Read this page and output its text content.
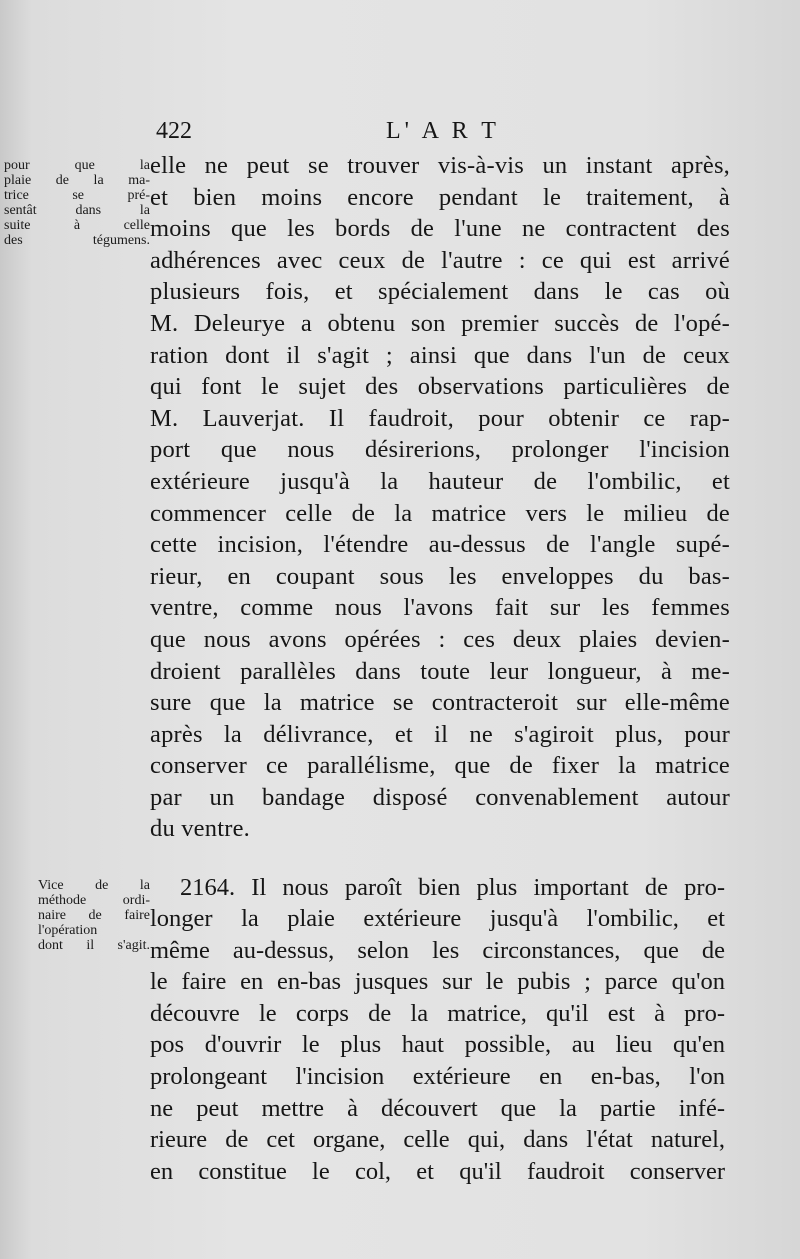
422	L' A R T
pour que la
plaie de la ma-
trice se pré-
sentât dans la
suite à celle
des tégumens.
elle ne peut se trouver vis-à-vis un instant après,
et bien moins encore pendant le traitement, à
moins que les bords de l'une ne contractent des
adhérences avec ceux de l'autre : ce qui est arrivé
plusieurs fois, et spécialement dans le cas où
M. Deleurye a obtenu son premier succès de l'opé-
ration dont il s'agit ; ainsi que dans l'un de ceux
qui font le sujet des observations particulières de
M. Lauverjat. Il faudroit, pour obtenir ce rap-
port que nous désirerions, prolonger l'incision
extérieure jusqu'à la hauteur de l'ombilic, et
commencer celle de la matrice vers le milieu de
cette incision, l'étendre au-dessus de l'angle supé-
rieur, en coupant sous les enveloppes du bas-
ventre, comme nous l'avons fait sur les femmes
que nous avons opérées : ces deux plaies devien-
droient parallèles dans toute leur longueur, à me-
sure que la matrice se contracteroit sur elle-même
après la délivrance, et il ne s'agiroit plus, pour
conserver ce parallélisme, que de fixer la matrice
par un bandage disposé convenablement autour
du ventre.
Vice de la
méthode ordi-
naire de faire
l'opération
dont il s'agit.
2164. Il nous paroît bien plus important de pro-
longer la plaie extérieure jusqu'à l'ombilic, et
même au-dessus, selon les circonstances, que de
le faire en en-bas jusques sur le pubis ; parce qu'on
découvre le corps de la matrice, qu'il est à pro-
pos d'ouvrir le plus haut possible, au lieu qu'en
prolongeant l'incision extérieure en en-bas, l'on
ne peut mettre à découvert que la partie infé-
rieure de cet organe, celle qui, dans l'état naturel,
en constitue le col, et qu'il faudroit conserver
